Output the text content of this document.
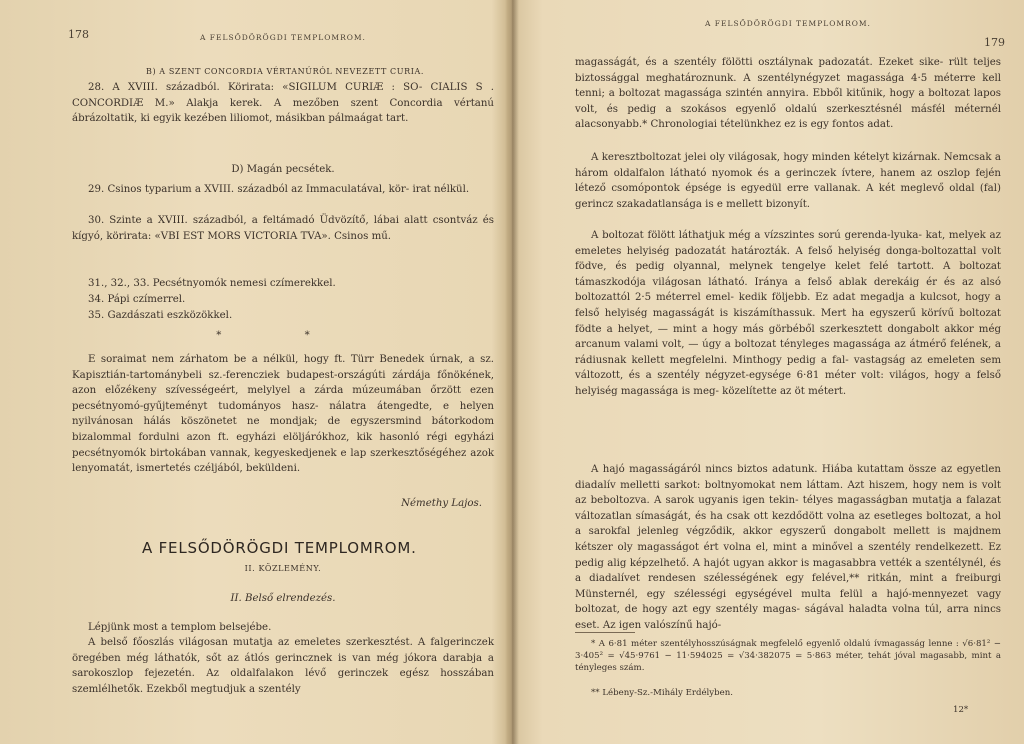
178	A FELSŐDÖRÖGDI TEMPLOMROM.
B) A SZENT CONCORDIA VÉRTANÚRÓL NEVEZETT CURIA.
28. A XVIII. századból. Körirata: «SIGILUM CURIÆ : SO- CIALIS S . CONCORDIÆ M.» Alakja kerek. A mezőben szent Concordia vértanú ábrázoltatik, ki egyik kezében liliomot, másikban pálmaágat tart.
D) Magán pecsétek.
29. Csinos typarium a XVIII. századból az Immaculatával, kör- irat nélkül.
30. Szinte a XVIII. századból, a feltámadó Üdvözítő, lábai alatt csontváz és kígyó, körirata: «VBI EST MORS VICTORIA TVA». Csinos mű.
31., 32., 33. Pecsétnyomók nemesi czímerekkel.
34. Pápi czímerrel.
35. Gazdászati eszközökkel.
* *
E soraimat nem zárhatom be a nélkül, hogy ft. Türr Benedek úrnak, a sz. Kapisztián-tartománybeli sz.-ferencziek budapest-országúti zárdája főnökének, azon előzékeny szívességeért, melylyel a zárda múzeumában őrzött ezen pecsétnyomó-gyűjteményt tudományos hasz- nálatra átengedte, e helyen nyilvánosan hálás köszönetet ne mondjak; de egyszersmind bátorkodom bizalommal fordulni azon ft. egyházi elöljárókhoz, kik hasonló régi egyházi pecsétnyomók birtokában vannak, kegyeskedjenek e lap szerkesztőségéhez azok lenyomatát, ismertetés czéljából, beküldeni.
Némethy Lajos.
A FELSŐDÖRÖGDI TEMPLOMROM.
II. KÖZLEMÉNY.
II. Belső elrendezés.
Lépjünk most a templom belsejébe.
A belső főoszlás világosan mutatja az emeletes szerkesztést. A falgerinczek öregében még láthatók, sőt az átlós gerincznek is van még jókora darabja a sarokoszlop fejezetén. Az oldalfalakon lévő gerinczek egész hosszában szemlélhetők. Ezekből megtudjuk a szentély
A FELSŐDÖRÖGDI TEMPLOMROM.
179
magasságát, és a szentély fölötti osztálynak padozatát. Ezeket sike- rült teljes biztossággal meghatároznunk. A szentélynégyzet magassága 4·5 méterre kell tenni; a boltozat magassága szintén annyira. Ebből kitűnik, hogy a boltozat lapos volt, és pedig a szokásos egyenlő oldalú szerkesztésnél másfél méternél alacsonyabb.* Chronologiai tételünkhez ez is egy fontos adat.
A keresztboltozat jelei oly világosak, hogy minden kételyt kizárnak. Nemcsak a három oldalfalon látható nyomok és a gerinczek ívtere, hanem az oszlop fején létező csomópontok épsége is egyedül erre vallanak. A két meglevő oldal (fal) gerincz szakadatlansága is e mellett bizonyít.
A boltozat fölött láthatjuk még a vízszintes sorú gerenda-lyuka- kat, melyek az emeletes helyiség padozatát határozták. A felső helyiség donga-boltozattal volt födve, és pedig olyannal, melynek tengelye kelet felé tartott. A boltozat támaszkodója világosan látható. Iránya a felső ablak derekáig ér és az alsó boltozattól 2·5 méterrel emel- kedik följebb. Ez adat megadja a kulcsot, hogy a felső helyiség magasságát is kiszámíthassuk. Mert ha egyszerű körívű boltozat födte a helyet, — mint a hogy más görbéből szerkesztett dongabolt akkor még arcanum valami volt, — úgy a boltozat tényleges magassága az átmérő felének, a rádiusnak kellett megfelelni. Minthogy pedig a fal- vastagság az emeleten sem változott, és a szentély négyzet-egysége 6·81 méter volt: világos, hogy a felső helyiség magassága is meg- közelítette az öt métert.
A hajó magasságáról nincs biztos adatunk. Hiába kutattam össze az egyetlen diadalív melletti sarkot: boltnyomokat nem láttam. Azt hiszem, hogy nem is volt az beboltozva. A sarok ugyanis igen tekin- télyes magasságban mutatja a falazat változatlan símaságát, és ha csak ott kezdődött volna az esetleges boltozat, a hol a sarokfal jelenleg végződik, akkor egyszerű dongabolt mellett is majdnem kétszer oly magasságot ért volna el, mint a minővel a szentély rendelkezett. Ez pedig alig képzelhető. A hajót ugyan akkor is magasabbra vették a szentélynél, és a diadalívet rendesen szélességének egy felével,** ritkán, mint a freiburgi Münsternél, egy szélességi egységével multa felül a hajó-mennyezet vagy boltozat, de hogy azt egy szentély magas- ságával haladta volna túl, arra nincs eset. Az igen valószínű hajó-
* A 6·81 méter szentélyhosszúságnak megfelelő egyenlő oldalú ívmagasság lenne : √6·81² − 3·405² = √45·9761 − 11·594025 = √34·382075 = 5·863 méter, tehát jóval magasabb, mint a tényleges szám.
** Lébeny-Sz.-Mihály Erdélyben.
12*
